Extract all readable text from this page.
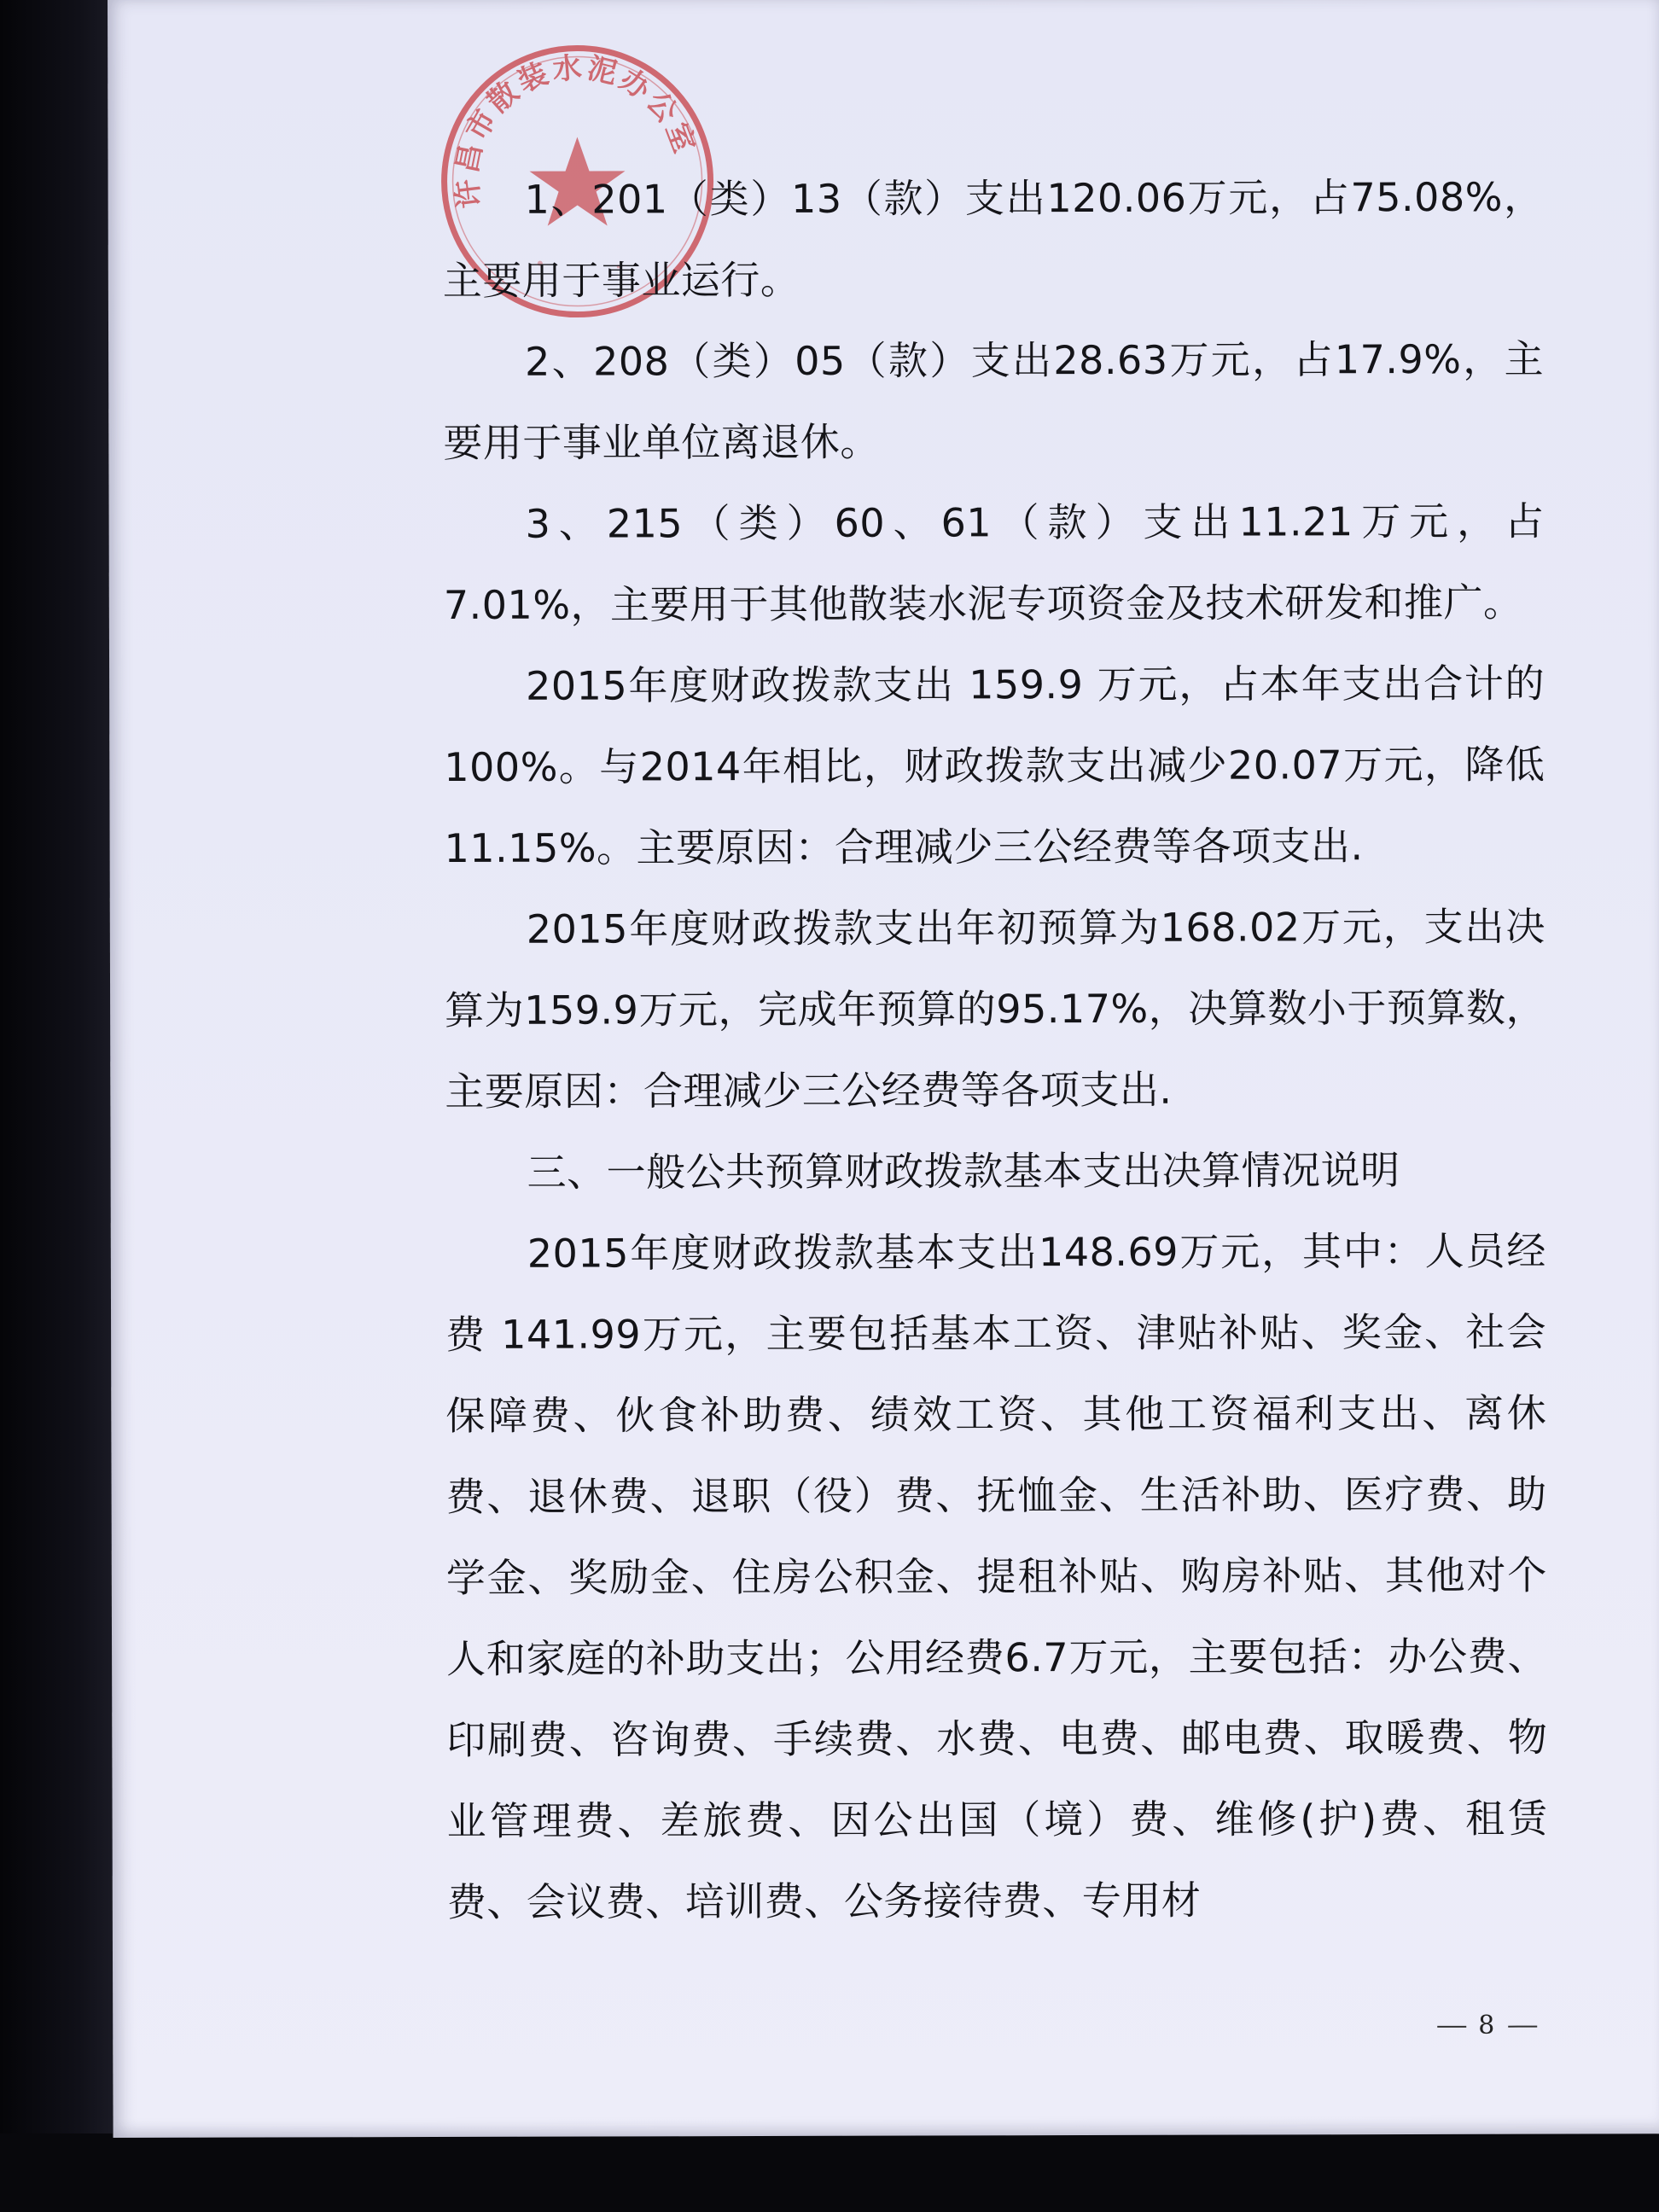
许昌市散装水泥办公室

1、201（类）13（款）支出120.06万元，占75.08%，主要用于事业运行。

2、208（类）05（款）支出28.63万元，占17.9%，主要用于事业单位离退休。

3、215（类）60、61（款）支出11.21万元，占7.01%，主要用于其他散装水泥专项资金及技术研发和推广。

2015年度财政拨款支出 159.9 万元，占本年支出合计的100%。与2014年相比，财政拨款支出减少20.07万元，降低11.15%。主要原因：合理减少三公经费等各项支出.

2015年度财政拨款支出年初预算为168.02万元，支出决算为159.9万元，完成年预算的95.17%，决算数小于预算数，主要原因：合理减少三公经费等各项支出.

三、一般公共预算财政拨款基本支出决算情况说明

2015年度财政拨款基本支出148.69万元，其中：人员经费 141.99万元，主要包括基本工资、津贴补贴、奖金、社会保障费、伙食补助费、绩效工资、其他工资福利支出、离休费、退休费、退职（役）费、抚恤金、生活补助、医疗费、助学金、奖励金、住房公积金、提租补贴、购房补贴、其他对个人和家庭的补助支出；公用经费6.7万元，主要包括：办公费、印刷费、咨询费、手续费、水费、电费、邮电费、取暖费、物业管理费、差旅费、因公出国（境）费、维修(护)费、租赁费、会议费、培训费、公务接待费、专用材

8
